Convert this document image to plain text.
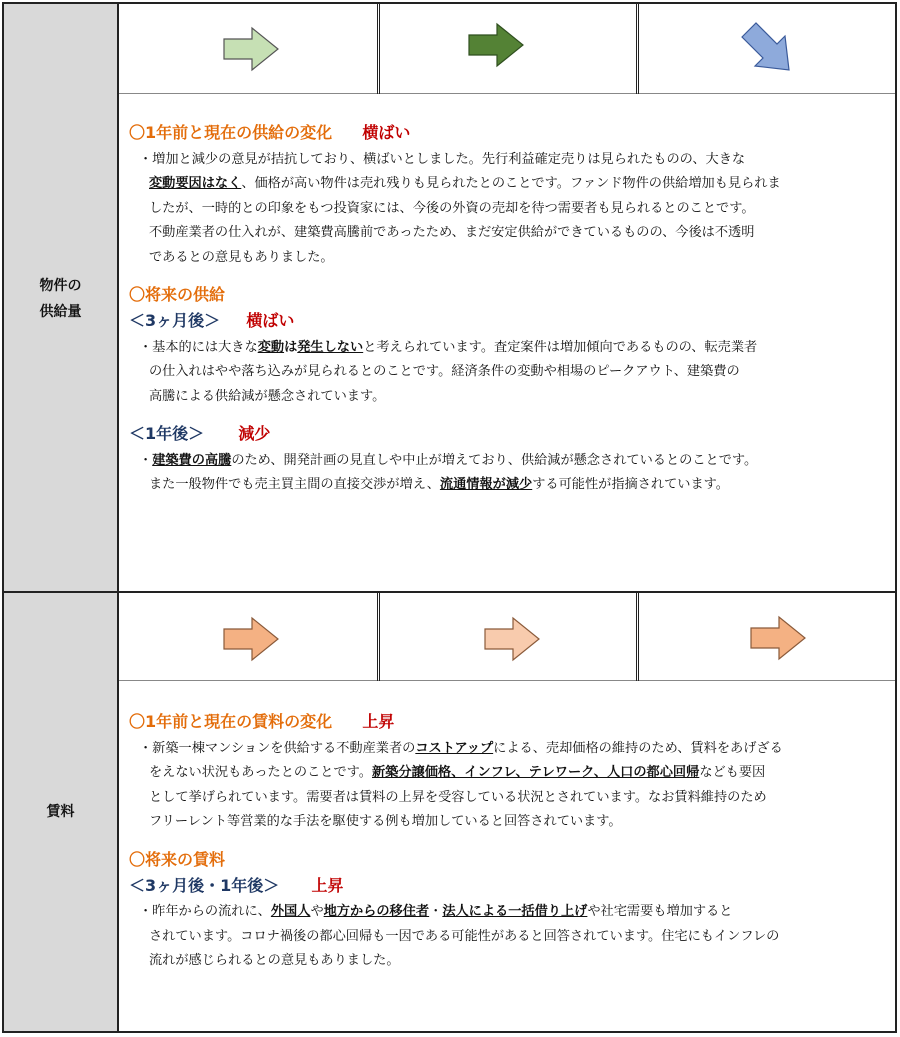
物件の
供給量
賃料
〇1年前と現在の供給の変化 横ばい

・増加と減少の意見が拮抗しており、横ばいとしました。先行利益確定売りは見られたものの、大きな

変動要因はなく、価格が高い物件は売れ残りも見られたとのことです。ファンド物件の供給増加も見られま

したが、一時的との印象をもつ投資家には、今後の外資の売却を待つ需要者も見られるとのことです。

不動産業者の仕入れが、建築費高騰前であったため、まだ安定供給ができているものの、今後は不透明

であるとの意見もありました。

〇将来の供給
＜3ヶ月後＞ 横ばい

・基本的には大きな変動は発生しないと考えられています。査定案件は増加傾向であるものの、転売業者

の仕入れはやや落ち込みが見られるとのことです。経済条件の変動や相場のピークアウト、建築費の

高騰による供給減が懸念されています。

＜1年後＞ 減少

・建築費の高騰のため、開発計画の見直しや中止が増えており、供給減が懸念されているとのことです。

また一般物件でも売主買主間の直接交渉が増え、流通情報が減少する可能性が指摘されています。

〇1年前と現在の賃料の変化 上昇

・新築一棟マンションを供給する不動産業者のコストアップによる、売却価格の維持のため、賃料をあげざる

をえない状況もあったとのことです。新築分譲価格、インフレ、テレワーク、人口の都心回帰なども要因

として挙げられています。需要者は賃料の上昇を受容している状況とされています。なお賃料維持のため

フリーレント等営業的な手法を駆使する例も増加していると回答されています。

〇将来の賃料
＜3ヶ月後・1年後＞ 上昇

・昨年からの流れに、外国人や地方からの移住者・法人による一括借り上げや社宅需要も増加すると

されています。コロナ禍後の都心回帰も一因である可能性があると回答されています。住宅にもインフレの

流れが感じられるとの意見もありました。
